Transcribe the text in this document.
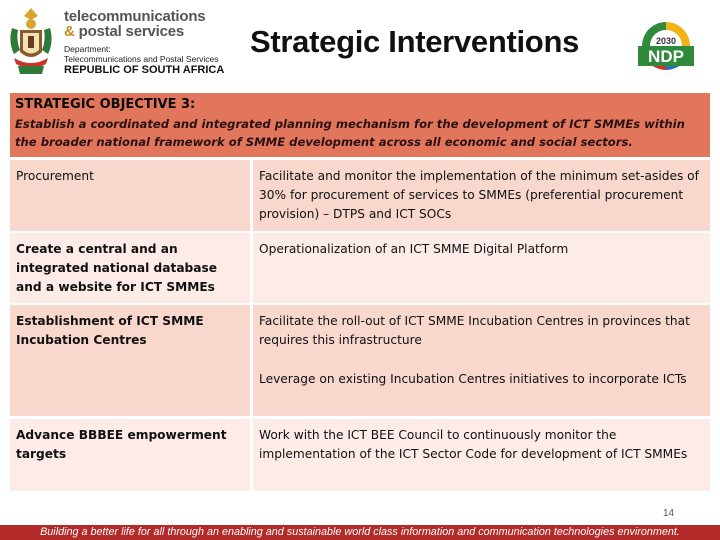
telecommunications
& postal services
Department:
Telecommunications and Postal Services
REPUBLIC OF SOUTH AFRICA
Strategic Interventions	2030
NDP
STRATEGIC OBJECTIVE 3:
Establish a coordinated and integrated planning mechanism for the development of ICT SMMEs within the broader national framework of SMME development across all economic and social sectors.
Procurement	Facilitate and monitor the implementation of the minimum set-asides of 30% for procurement of services to SMMEs (preferential procurement provision) – DTPS and ICT SOCs
Create a central and an integrated national database and a website for ICT SMMEs
Operationalization of an ICT SMME Digital Platform
Establishment of ICT SMME Incubation Centres
Facilitate the roll-out of ICT SMME Incubation Centres in provinces that requires this infrastructure
Leverage on existing Incubation Centres initiatives to incorporate ICTs
Advance BBBEE empowerment targets
Work with the ICT BEE Council to continuously monitor the implementation of the ICT Sector Code for development of ICT SMMEs
14
Building a better life for all through an enabling and sustainable world class information and communication technologies environment.
